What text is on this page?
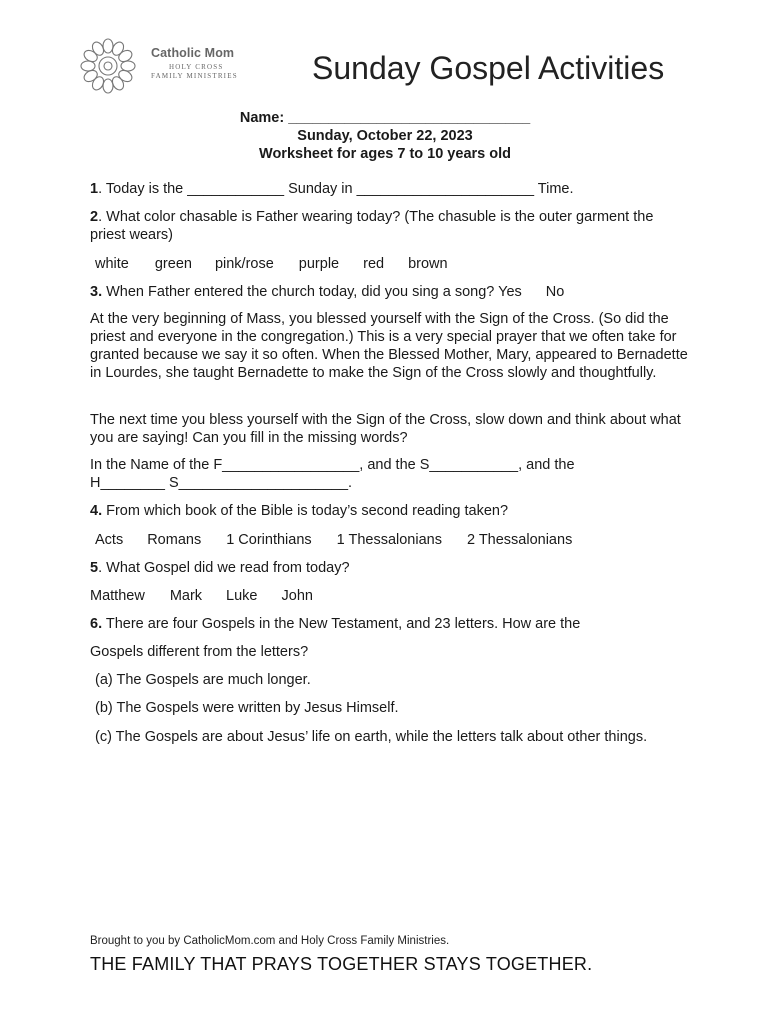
Catholic Mom
HOLY CROSS
FAMILY MINISTRIES Sunday Gospel Activities
Name: ______________________________
Sunday, October 22, 2023
Worksheet for ages 7 to 10 years old
1. Today is the ____________ Sunday in ______________________ Time.
2. What color chasable is Father wearing today? (The chasuble is the outer garment the priest wears)
white green pink/rose purple red brown
3. When Father entered the church today, did you sing a song? Yes No
At the very beginning of Mass, you blessed yourself with the Sign of the Cross. (So did the priest and everyone in the congregation.) This is a very special prayer that we often take for granted because we say it so often. When the Blessed Mother, Mary, appeared to Bernadette in Lourdes, she taught Bernadette to make the Sign of the Cross slowly and thoughtfully.
The next time you bless yourself with the Sign of the Cross, slow down and think about what you are saying! Can you fill in the missing words?
In the Name of the F_________________, and the S___________, and the
H________ S_____________________.
4. From which book of the Bible is today’s second reading taken?
Acts Romans 1 Corinthians 1 Thessalonians 2 Thessalonians
5. What Gospel did we read from today?
Matthew Mark Luke John
6. There are four Gospels in the New Testament, and 23 letters. How are the
Gospels different from the letters?
(a) The Gospels are much longer.
(b) The Gospels were written by Jesus Himself.
(c) The Gospels are about Jesus’ life on earth, while the letters talk about other things.
Brought to you by CatholicMom.com and Holy Cross Family Ministries.
THE FAMILY THAT PRAYS TOGETHER STAYS TOGETHER.
